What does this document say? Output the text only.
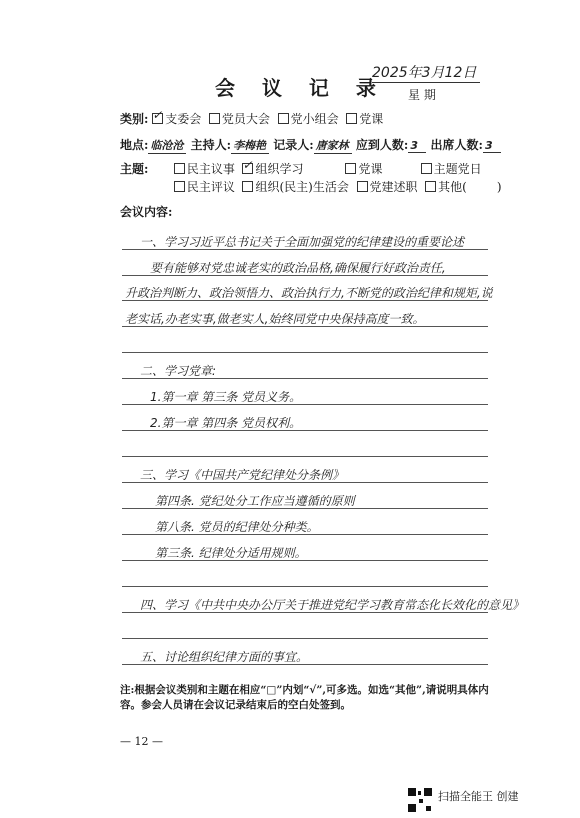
会 议 记 录
2025年3月12日
星 期
类别: ✓ 支委会 党员大会 党小组会 党课
地点: 临沧沧 主持人: 李梅艳 记录人: 唐家林 应到人数: 3 出席人数: 3
主题:	民主议事 ✓ 组织学习	党课	主题党日
民主评议 组织(民主)生活会 党建述职 其他(	)
会议内容:
一、学习习近平总书记关于全面加强党的纪律建设的重要论述
要有能够对党忠诚老实的政治品格,确保履行好政治责任,
升政治判断力、政治领悟力、政治执行力,不断党的政治纪律和规矩,说
老实话,办老实事,做老实人,始终同党中央保持高度一致。
二、学习党章:
1.第一章 第三条 党员义务。
2.第一章 第四条 党员权利。
三、学习《中国共产党纪律处分条例》
第四条. 党纪处分工作应当遵循的原则
第八条. 党员的纪律处分种类。
第三条. 纪律处分适用规则。
四、学习《中共中央办公厅关于推进党纪学习教育常态化长效化的意见》
五、讨论组织纪律方面的事宜。
注:根据会议类别和主题在相应“□”内划“√”,可多选。如选“其他”,请说明具体内容。参会人员请在会议记录结束后的空白处签到。
— 12 —
扫描全能王 创建
